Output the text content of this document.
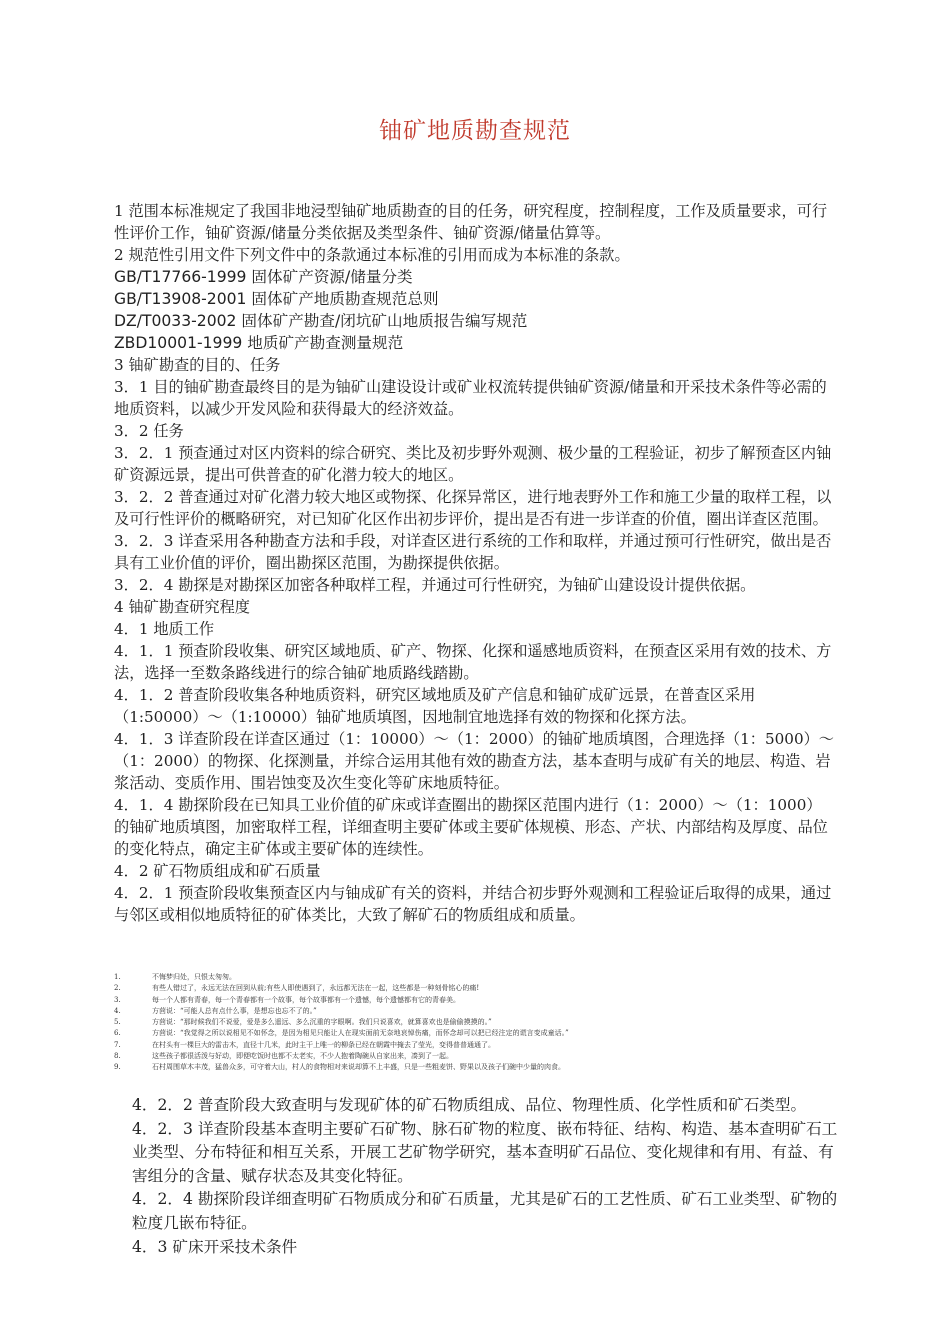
铀矿地质勘查规范

1 范围本标准规定了我国非地浸型铀矿地质勘查的目的任务，研究程度，控制程度，工作及质量要求，可行性评价工作，铀矿资源/储量分类依据及类型条件、铀矿资源/储量估算等。

2 规范性引用文件下列文件中的条款通过本标准的引用而成为本标准的条款。

GB/T17766-1999 固体矿产资源/储量分类

GB/T13908-2001 固体矿产地质勘查规范总则

DZ/T0033-2002 固体矿产勘查/闭坑矿山地质报告编写规范

ZBD10001-1999 地质矿产勘查测量规范

3 铀矿勘查的目的、任务

3．1 目的铀矿勘查最终目的是为铀矿山建设设计或矿业权流转提供铀矿资源/储量和开采技术条件等必需的地质资料，以减少开发风险和获得最大的经济效益。

3．2 任务

3．2．1 预查通过对区内资料的综合研究、类比及初步野外观测、极少量的工程验证，初步了解预查区内铀矿资源远景，提出可供普查的矿化潜力较大的地区。

3．2．2 普查通过对矿化潜力较大地区或物探、化探异常区，进行地表野外工作和施工少量的取样工程，以及可行性评价的概略研究，对已知矿化区作出初步评价，提出是否有进一步详查的价值，圈出详查区范围。

3．2．3 详查采用各种勘查方法和手段，对详查区进行系统的工作和取样，并通过预可行性研究，做出是否具有工业价值的评价，圈出勘探区范围，为勘探提供依据。

3．2．4 勘探是对勘探区加密各种取样工程，并通过可行性研究，为铀矿山建设设计提供依据。

4 铀矿勘查研究程度

4．1 地质工作

4．1．1 预查阶段收集、研究区域地质、矿产、物探、化探和遥感地质资料，在预查区采用有效的技术、方法，选择一至数条路线进行的综合铀矿地质路线踏勘。

4．1．2 普查阶段收集各种地质资料，研究区域地质及矿产信息和铀矿成矿远景，在普查区采用（1:50000）～（1:10000）铀矿地质填图，因地制宜地选择有效的物探和化探方法。

4．1．3 详查阶段在详查区通过（1：10000）～（1：2000）的铀矿地质填图，合理选择（1：5000）～（1：2000）的物探、化探测量，并综合运用其他有效的勘查方法，基本查明与成矿有关的地层、构造、岩浆活动、变质作用、围岩蚀变及次生变化等矿床地质特征。

4．1．4 勘探阶段在已知具工业价值的矿床或详查圈出的勘探区范围内进行（1：2000）～（1：1000）的铀矿地质填图，加密取样工程，详细查明主要矿体或主要矿体规模、形态、产状、内部结构及厚度、品位的变化特点，确定主矿体或主要矿体的连续性。

4．2 矿石物质组成和矿石质量

4．2．1 预查阶段收集预查区内与铀成矿有关的资料，并结合初步野外观测和工程验证后取得的成果，通过与邻区或相似地质特征的矿体类比，大致了解矿石的物质组成和质量。

1.	不悔梦归处，只恨太匆匆。
2.	有些人错过了，永远无法在回到从前;有些人即使遇到了，永远都无法在一起，这些都是一种刻骨铭心的痛!
3.	每一个人都有青春，每一个青春都有一个故事，每个故事都有一个遗憾，每个遗憾都有它的青春美。
4.	方茴说：“可能人总有点什么事，是想忘也忘不了的。”
5.	方茴说：“那时候我们不说爱，爱是多么遥远、多么沉重的字眼啊。我们只说喜欢，就算喜欢也是偷偷摸摸的。”
6.	方茴说：“我觉得之所以说相见不如怀念，是因为相见只能让人在现实面前无奈地哀悼伤痛，而怀念却可以把已经注定的谎言变成童话。”
7.	在村头有一棵巨大的雷击木，直径十几米，此时主干上唯一的柳条已经在朝霞中掩去了莹光，变得普普通通了。
8.	这些孩子都很活泼与好动，即便吃饭时也都不太老实，不少人抱着陶碗从自家出来，凑到了一起。
9.	石村周围草木丰茂，猛兽众多，可守着大山，村人的食物相对来说却算不上丰盛，只是一些粗麦饼、野果以及孩子们碗中少量的肉食。

4．2．2 普查阶段大致查明与发现矿体的矿石物质组成、品位、物理性质、化学性质和矿石类型。

4．2．3 详查阶段基本查明主要矿石矿物、脉石矿物的粒度、嵌布特征、结构、构造、基本查明矿石工业类型、分布特征和相互关系，开展工艺矿物学研究，基本查明矿石品位、变化规律和有用、有益、有害组分的含量、赋存状态及其变化特征。

4．2．4 勘探阶段详细查明矿石物质成分和矿石质量，尤其是矿石的工艺性质、矿石工业类型、矿物的粒度几嵌布特征。

4．3 矿床开采技术条件
